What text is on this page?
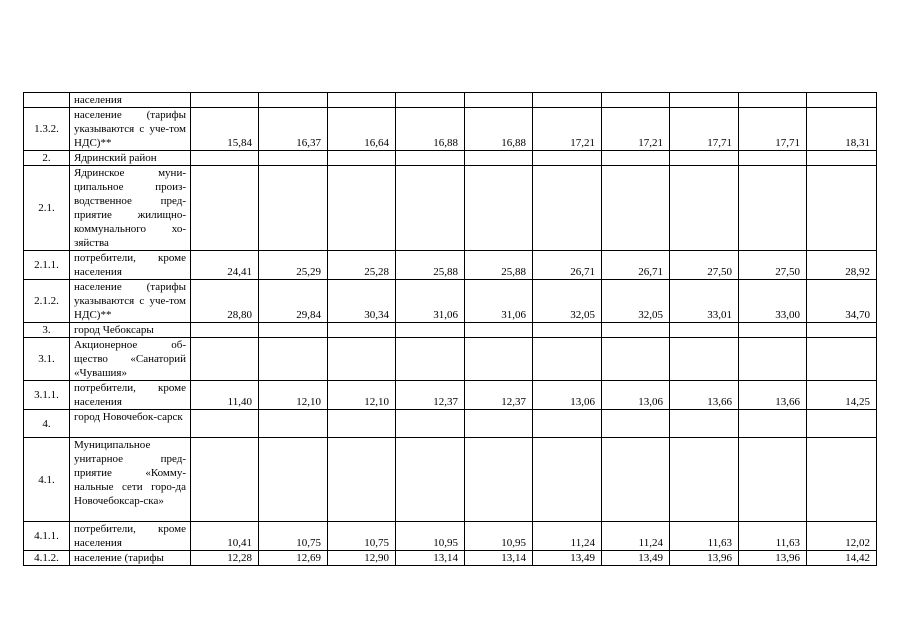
	населения											
1.3.2.	население (тарифы указываются с уче-том НДС)**	15,84	16,37	16,64	16,88	16,88	17,21	17,21	17,71	17,71	18,31	
2.	Ядринский район											
2.1.	Ядринское муни-ципальное произ-водственное пред-приятие жилищно-коммунального хо-зяйства											
2.1.1.	потребители, кроме населения	24,41	25,29	25,28	25,88	25,88	26,71	26,71	27,50	27,50	28,92	
2.1.2.	население (тарифы указываются с уче-том НДС)**	28,80	29,84	30,34	31,06	31,06	32,05	32,05	33,01	33,00	34,70	
3.	город Чебоксары											
3.1.	Акционерное об-щество «Санаторий «Чувашия»											
3.1.1.	потребители, кроме населения	11,40	12,10	12,10	12,37	12,37	13,06	13,06	13,66	13,66	14,25	
4.	город Новочебок-сарск											
4.1.	Муниципальное унитарное пред-приятие «Комму-нальные сети горо-да Новочебоксар-ска»											
4.1.1.	потребители, кроме населения	10,41	10,75	10,75	10,95	10,95	11,24	11,24	11,63	11,63	12,02	
4.1.2.	население (тарифы	12,28	12,69	12,90	13,14	13,14	13,49	13,49	13,96	13,96	14,42	
